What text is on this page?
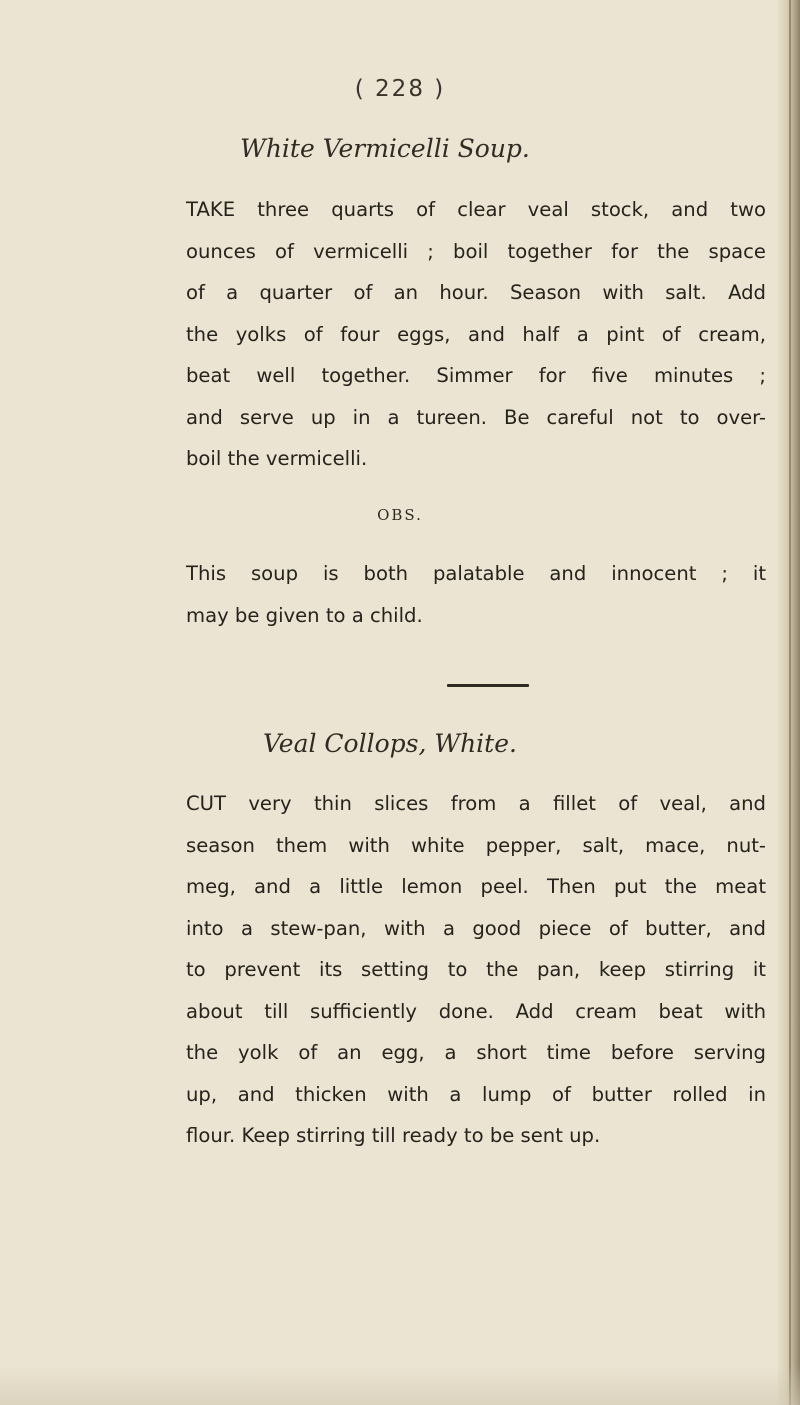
( 228 )
White Vermicelli Soup.
TAKE three quarts of clear veal stock, and two
ounces of vermicelli ; boil together for the space
of a quarter of an hour. Season with salt. Add
the yolks of four eggs, and half a pint of cream,
beat well together. Simmer for five minutes ;
and serve up in a tureen. Be careful not to over-
boil the vermicelli.
OBS.
This soup is both palatable and innocent ; it
may be given to a child.
Veal Collops, White.
CUT very thin slices from a fillet of veal, and
season them with white pepper, salt, mace, nut-
meg, and a little lemon peel. Then put the meat
into a stew-pan, with a good piece of butter, and
to prevent its setting to the pan, keep stirring it
about till sufficiently done. Add cream beat with
the yolk of an egg, a short time before serving
up, and thicken with a lump of butter rolled in
flour. Keep stirring till ready to be sent up.
